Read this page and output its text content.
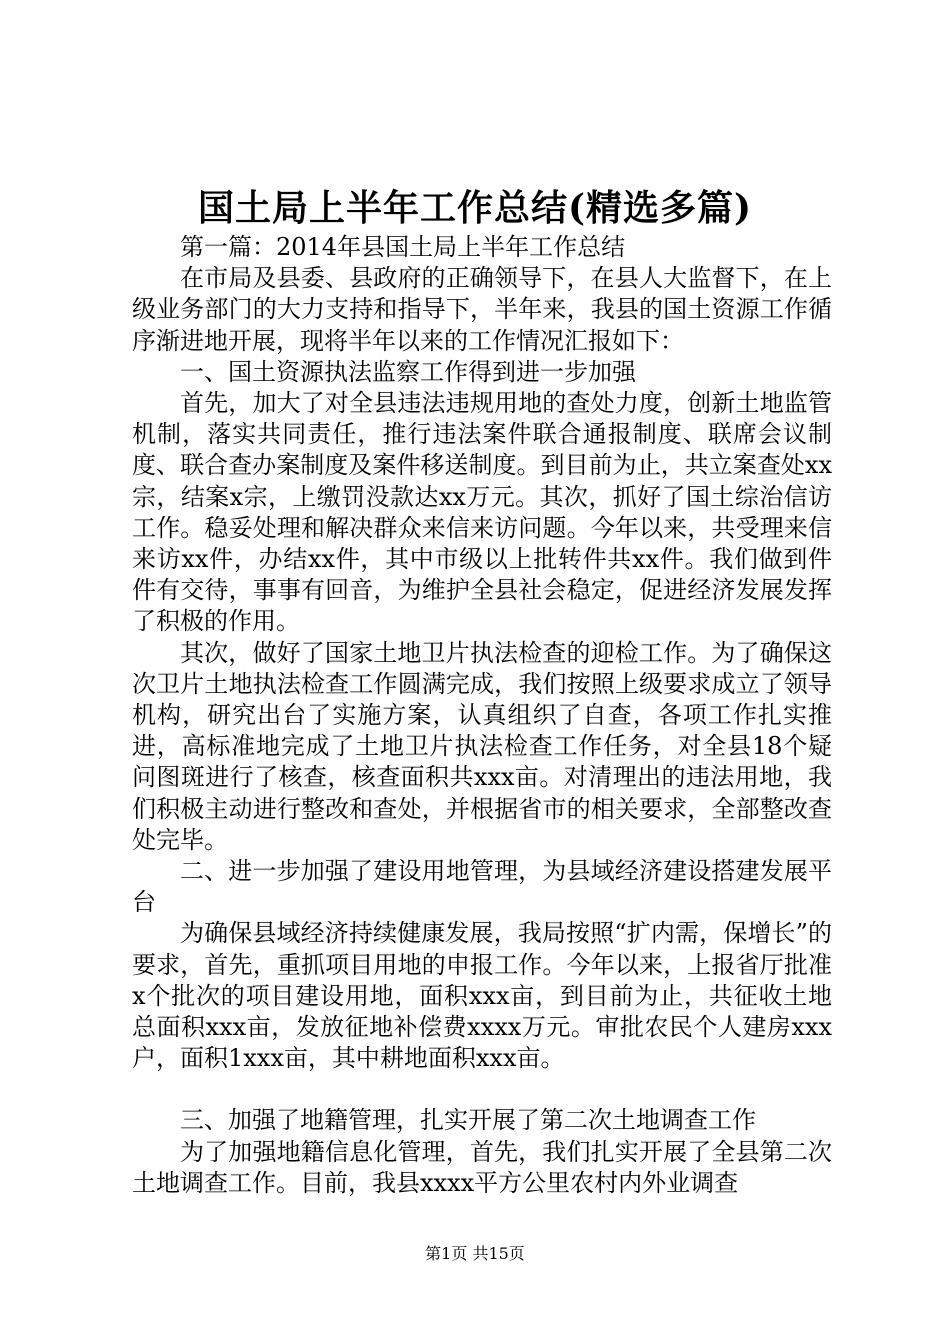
国土局上半年工作总结(精选多篇)

第一篇：2014年县国土局上半年工作总结

在市局及县委、县政府的正确领导下，在县人大监督下，在上级业务部门的大力支持和指导下，半年来，我县的国土资源工作循序渐进地开展，现将半年以来的工作情况汇报如下：

一、国土资源执法监察工作得到进一步加强

首先，加大了对全县违法违规用地的查处力度，创新土地监管机制，落实共同责任，推行违法案件联合通报制度、联席会议制度、联合查办案制度及案件移送制度。到目前为止，共立案查处xx宗，结案x宗，上缴罚没款达xx万元。其次，抓好了国土综治信访工作。稳妥处理和解决群众来信来访问题。今年以来，共受理来信来访xx件，办结xx件，其中市级以上批转件共xx件。我们做到件件有交待，事事有回音，为维护全县社会稳定，促进经济发展发挥了积极的作用。

其次，做好了国家土地卫片执法检查的迎检工作。为了确保这次卫片土地执法检查工作圆满完成，我们按照上级要求成立了领导机构，研究出台了实施方案，认真组织了自查，各项工作扎实推进，高标准地完成了土地卫片执法检查工作任务，对全县18个疑问图斑进行了核查，核查面积共xxx亩。对清理出的违法用地，我们积极主动进行整改和查处，并根据省市的相关要求，全部整改查处完毕。

二、进一步加强了建设用地管理，为县域经济建设搭建发展平台

为确保县域经济持续健康发展，我局按照“扩内需，保增长”的要求，首先，重抓项目用地的申报工作。今年以来，上报省厅批准x个批次的项目建设用地，面积xxx亩，到目前为止，共征收土地总面积xxx亩，发放征地补偿费xxxx万元。审批农民个人建房xxx户，面积1xxx亩，其中耕地面积xxx亩。

三、加强了地籍管理，扎实开展了第二次土地调查工作

为了加强地籍信息化管理，首先，我们扎实开展了全县第二次土地调查工作。目前，我县xxxx平方公里农村内外业调查

第1页 共15页
